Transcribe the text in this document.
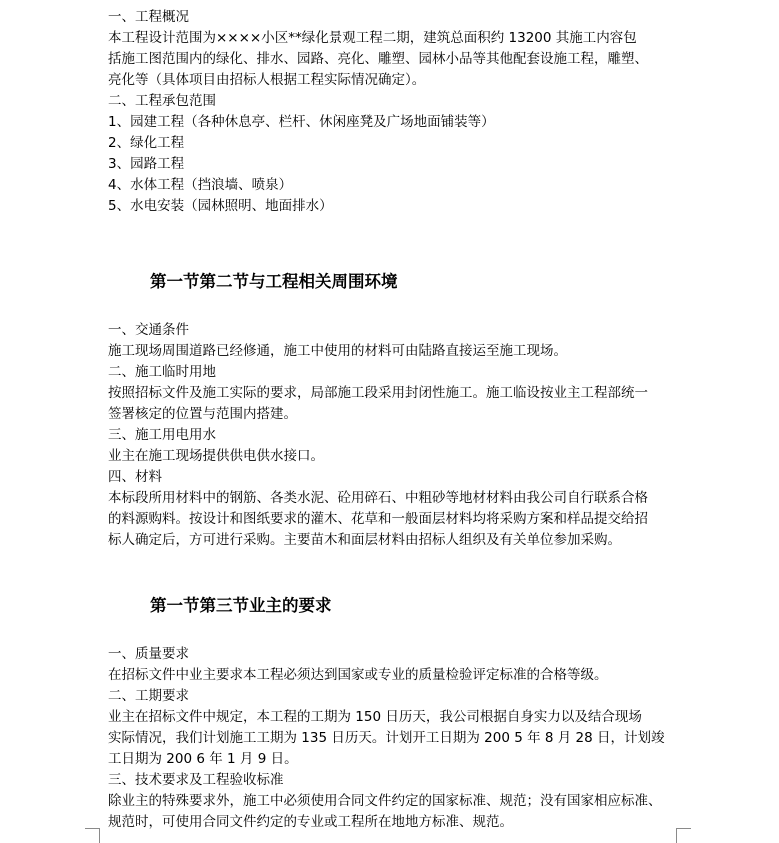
一、工程概况
本工程设计范围为××××小区**绿化景观工程二期，建筑总面积约 13200 其施工内容包
括施工图范围内的绿化、排水、园路、亮化、雕塑、园林小品等其他配套设施工程，雕塑、
亮化等（具体项目由招标人根据工程实际情况确定）。
二、工程承包范围
1、园建工程（各种休息亭、栏杆、休闲座凳及广场地面铺装等）
2、绿化工程
3、园路工程
4、水体工程（挡浪墙、喷泉）
5、水电安装（园林照明、地面排水）
第一节第二节与工程相关周围环境
一、交通条件
施工现场周围道路已经修通，施工中使用的材料可由陆路直接运至施工现场。
二、施工临时用地
按照招标文件及施工实际的要求，局部施工段采用封闭性施工。施工临设按业主工程部统一
签署核定的位置与范围内搭建。
三、施工用电用水
业主在施工现场提供供电供水接口。
四、材料
本标段所用材料中的钢筋、各类水泥、砼用碎石、中粗砂等地材材料由我公司自行联系合格
的料源购料。按设计和图纸要求的灌木、花草和一般面层材料均将采购方案和样品提交给招
标人确定后，方可进行采购。主要苗木和面层材料由招标人组织及有关单位参加采购。
第一节第三节业主的要求
一、质量要求
在招标文件中业主要求本工程必须达到国家或专业的质量检验评定标准的合格等级。
二、工期要求
业主在招标文件中规定，本工程的工期为 150 日历天，我公司根据自身实力以及结合现场
实际情况，我们计划施工工期为 135 日历天。计划开工日期为 200 5 年 8 月 28 日，计划竣
工日期为 200 6 年 1 月 9 日。
三、技术要求及工程验收标准
除业主的特殊要求外，施工中必须使用合同文件约定的国家标准、规范；没有国家相应标准、
规范时，可使用合同文件约定的专业或工程所在地地方标准、规范。
